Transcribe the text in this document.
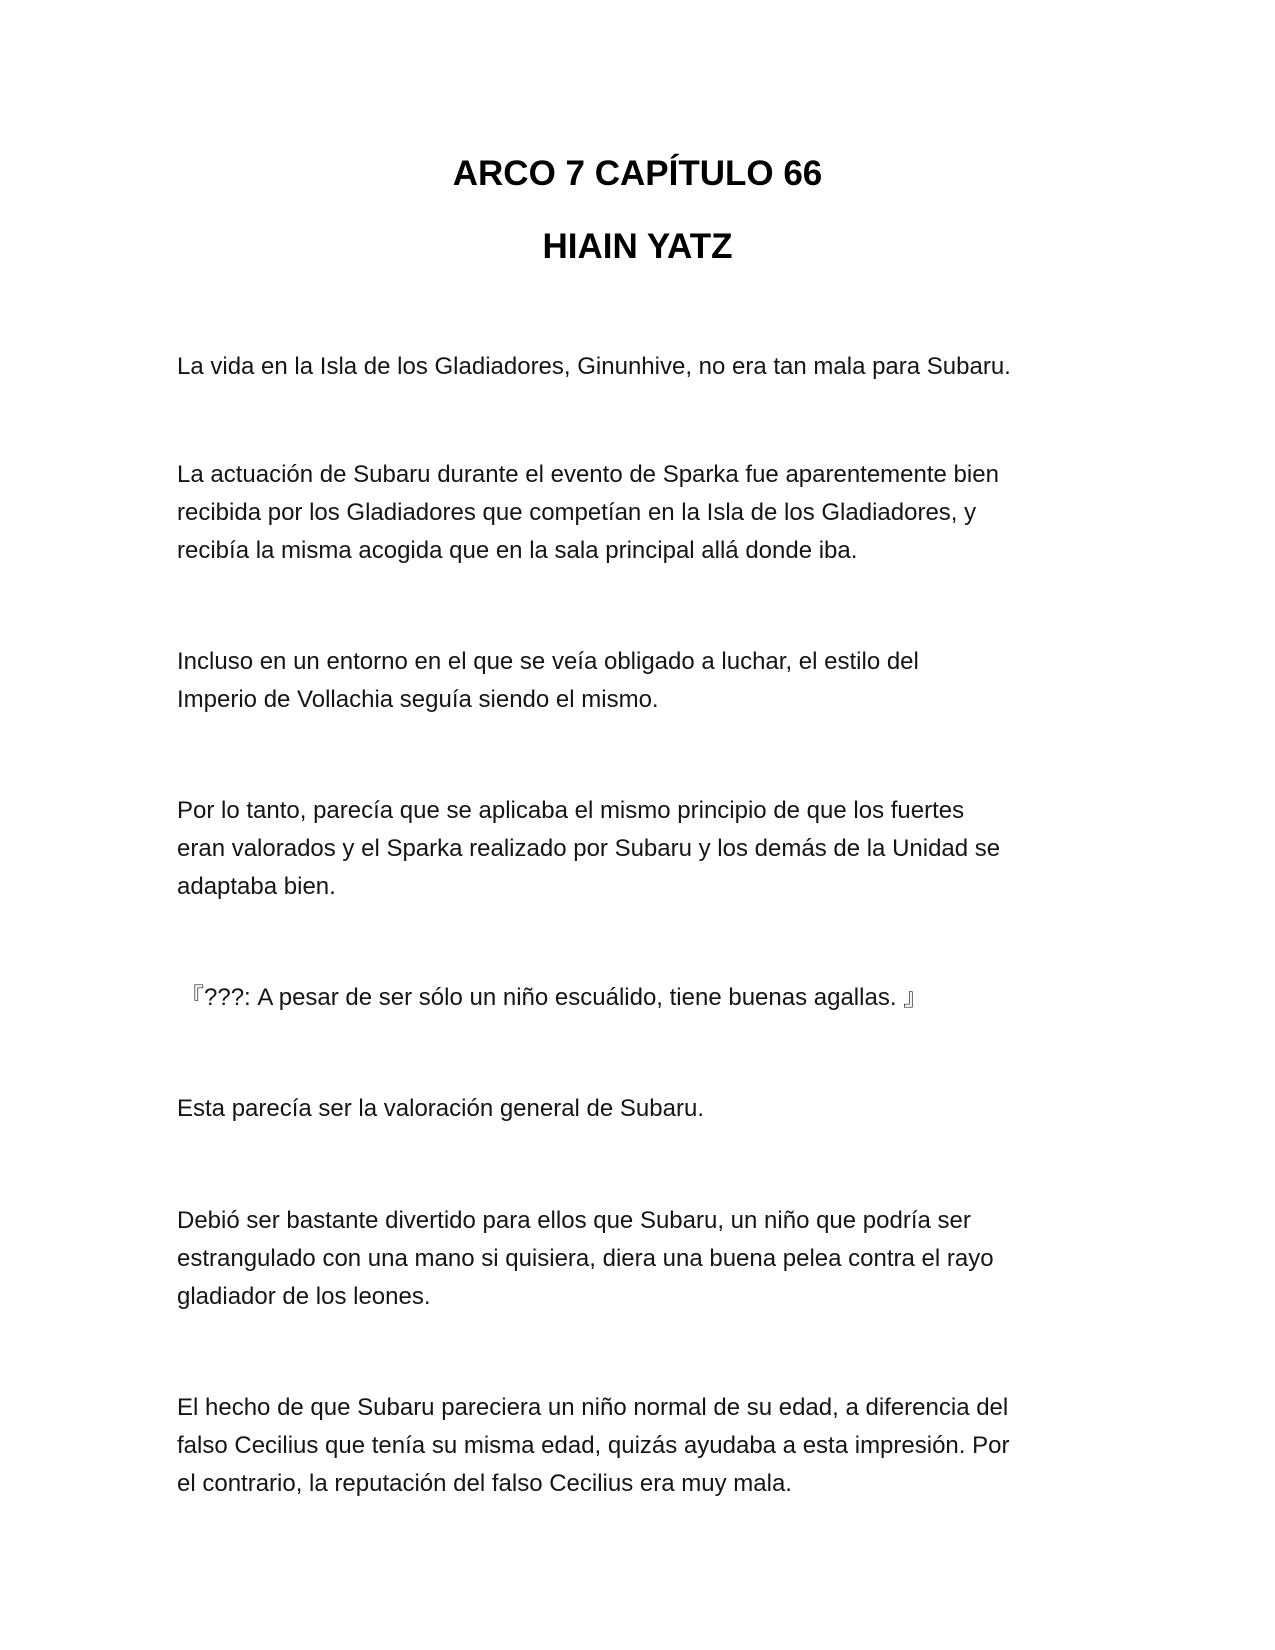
ARCO 7 CAPÍTULO 66
HIAIN YATZ

La vida en la Isla de los Gladiadores, Ginunhive, no era tan mala para Subaru.

La actuación de Subaru durante el evento de Sparka fue aparentemente bien
recibida por los Gladiadores que competían en la Isla de los Gladiadores, y
recibía la misma acogida que en la sala principal allá donde iba.

Incluso en un entorno en el que se veía obligado a luchar, el estilo del
Imperio de Vollachia seguía siendo el mismo.

Por lo tanto, parecía que se aplicaba el mismo principio de que los fuertes
eran valorados y el Sparka realizado por Subaru y los demás de la Unidad se
adaptaba bien.

『???: A pesar de ser sólo un niño escuálido, tiene buenas agallas. 』

Esta parecía ser la valoración general de Subaru.

Debió ser bastante divertido para ellos que Subaru, un niño que podría ser
estrangulado con una mano si quisiera, diera una buena pelea contra el rayo
gladiador de los leones.

El hecho de que Subaru pareciera un niño normal de su edad, a diferencia del
falso Cecilius que tenía su misma edad, quizás ayudaba a esta impresión. Por
el contrario, la reputación del falso Cecilius era muy mala.
